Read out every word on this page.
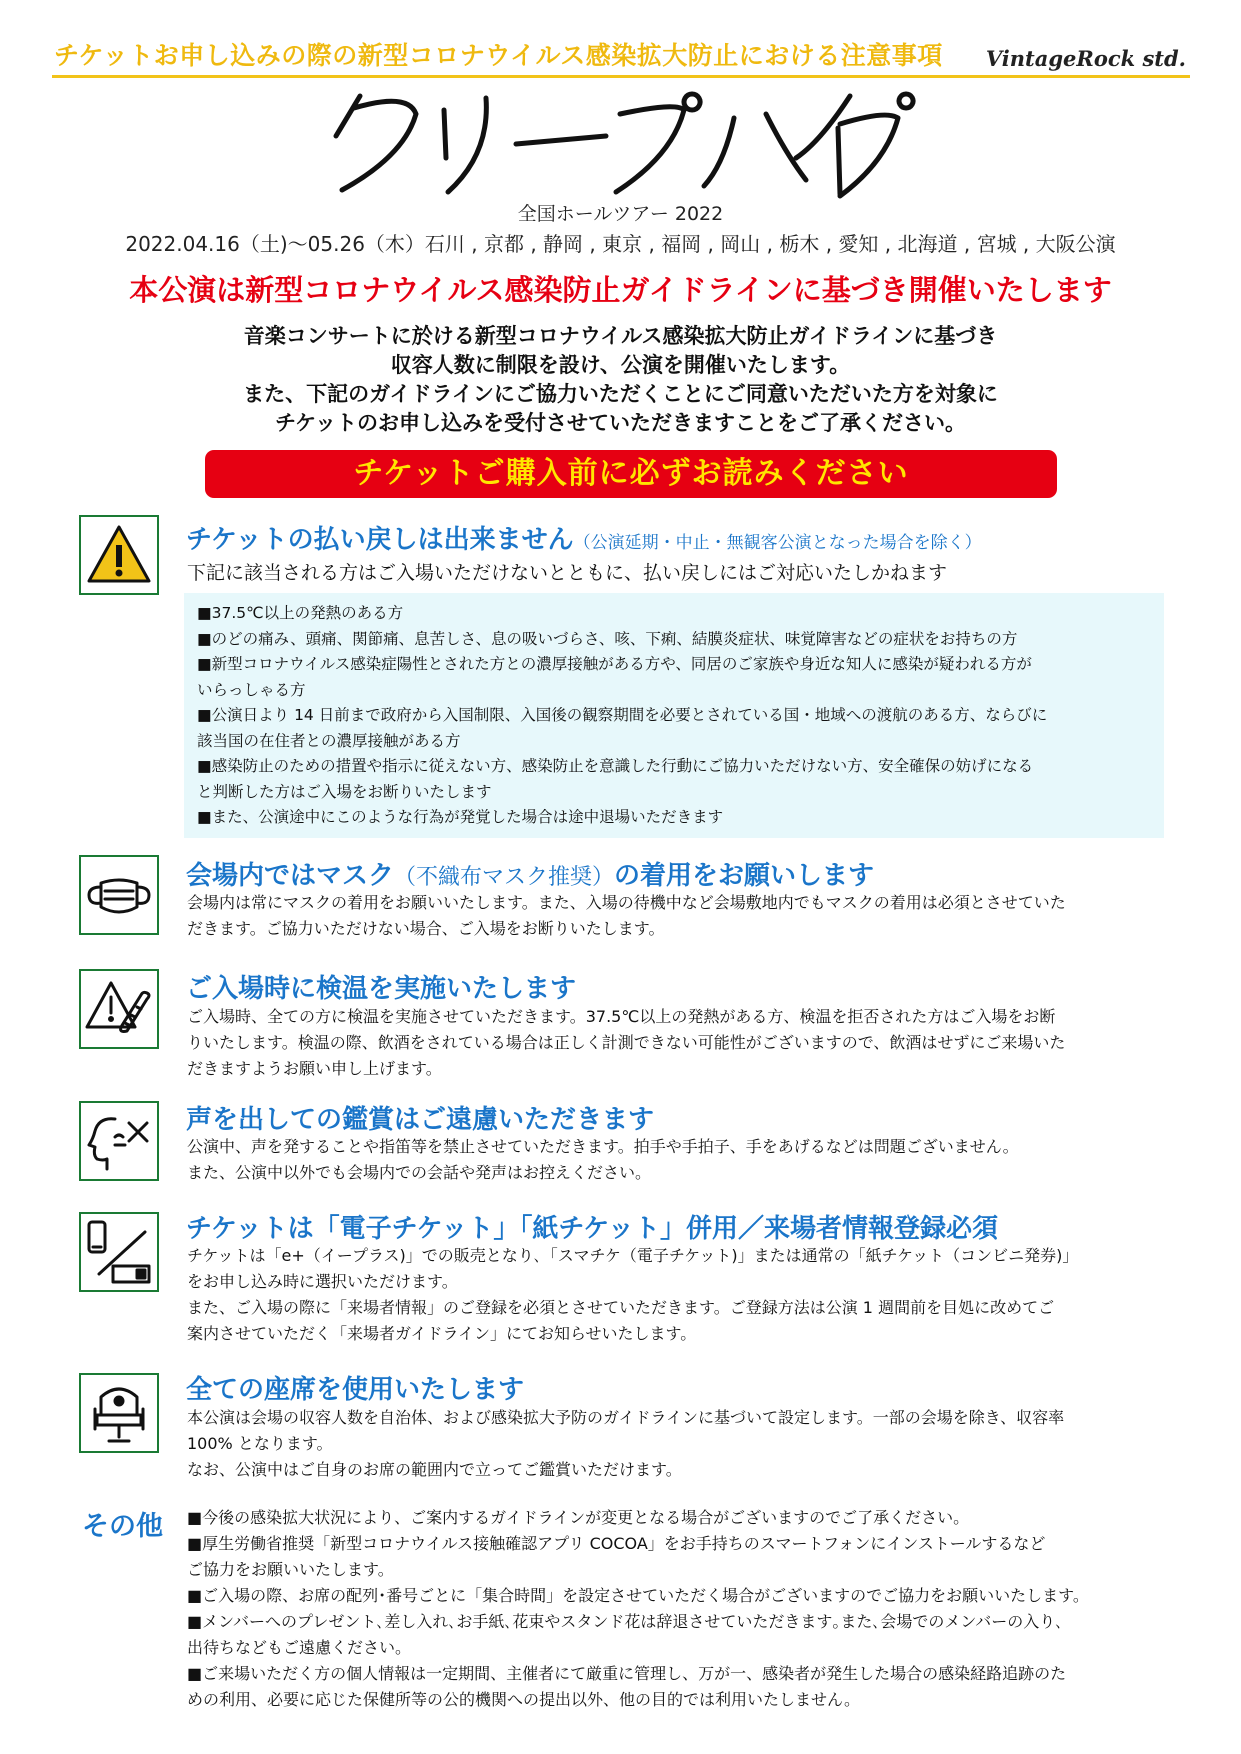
チケットお申し込みの際の新型コロナウイルス感染拡大防止における注意事項 VintageRock std.
全国ホールツアー 2022
2022.04.16（土)〜05.26（木）石川 , 京都 , 静岡 , 東京 , 福岡 , 岡山 , 栃木 , 愛知 , 北海道 , 宮城 , 大阪公演
本公演は新型コロナウイルス感染防止ガイドラインに基づき開催いたします
音楽コンサートに於ける新型コロナウイルス感染拡大防止ガイドラインに基づき
収容人数に制限を設け、公演を開催いたします。
また、下記のガイドラインにご協力いただくことにご同意いただいた方を対象に
チケットのお申し込みを受付させていただきますことをご了承ください。
チケットご購入前に必ずお読みください
チケットの払い戻しは出来ません（公演延期・中止・無観客公演となった場合を除く）
下記に該当される方はご入場いただけないとともに、払い戻しにはご対応いたしかねます
■37.5℃以上の発熱のある方
■のどの痛み、頭痛、関節痛、息苦しさ、息の吸いづらさ、咳、下痢、結膜炎症状、味覚障害などの症状をお持ちの方
■新型コロナウイルス感染症陽性とされた方との濃厚接触がある方や、同居のご家族や身近な知人に感染が疑われる方が
いらっしゃる方
■公演日より 14 日前まで政府から入国制限、入国後の観察期間を必要とされている国・地域への渡航のある方、ならびに
該当国の在住者との濃厚接触がある方
■感染防止のための措置や指示に従えない方、感染防止を意識した行動にご協力いただけない方、安全確保の妨げになる
と判断した方はご入場をお断りいたします
■また、公演途中にこのような行為が発覚した場合は途中退場いただきます
会場内ではマスク（不織布マスク推奨）の着用をお願いします
会場内は常にマスクの着用をお願いいたします。また、入場の待機中など会場敷地内でもマスクの着用は必須とさせていた
だきます。ご協力いただけない場合、ご入場をお断りいたします。
ご入場時に検温を実施いたします
ご入場時、全ての方に検温を実施させていただきます。37.5℃以上の発熱がある方、検温を拒否された方はご入場をお断
りいたします。検温の際、飲酒をされている場合は正しく計測できない可能性がございますので、飲酒はせずにご来場いた
だきますようお願い申し上げます。
声を出しての鑑賞はご遠慮いただきます
公演中、声を発することや指笛等を禁止させていただきます。拍手や手拍子、手をあげるなどは問題ございません。
また、公演中以外でも会場内での会話や発声はお控えください。
チケットは「電子チケット」「紙チケット」併用／来場者情報登録必須
チケットは「e+（イープラス)」での販売となり､「スマチケ（電子チケット)」または通常の「紙チケット（コンビニ発券)」
をお申し込み時に選択いただけます。
また、ご入場の際に「来場者情報」のご登録を必須とさせていただきます。ご登録方法は公演 1 週間前を目処に改めてご
案内させていただく「来場者ガイドライン」にてお知らせいたします。
全ての座席を使用いたします
本公演は会場の収容人数を自治体、および感染拡大予防のガイドラインに基づいて設定します。一部の会場を除き、収容率
100% となります。
なお、公演中はご自身のお席の範囲内で立ってご鑑賞いただけます。
その他 ■今後の感染拡大状況により、ご案内するガイドラインが変更となる場合がございますのでご了承ください。
■厚生労働省推奨「新型コロナウイルス接触確認アプリ COCOA」をお手持ちのスマートフォンにインストールするなど
ご協力をお願いいたします。
■ご入場の際、お席の配列･番号ごとに「集合時間」を設定させていただく場合がございますのでご協力をお願いいたします。
■メンバーへのプレゼント､差し入れ､お手紙､花束やスタンド花は辞退させていただきます｡また､会場でのメンバーの入り､
出待ちなどもご遠慮ください。
■ご来場いただく方の個人情報は一定期間、主催者にて厳重に管理し、万が一、感染者が発生した場合の感染経路追跡のた
めの利用、必要に応じた保健所等の公的機関への提出以外、他の目的では利用いたしません。
